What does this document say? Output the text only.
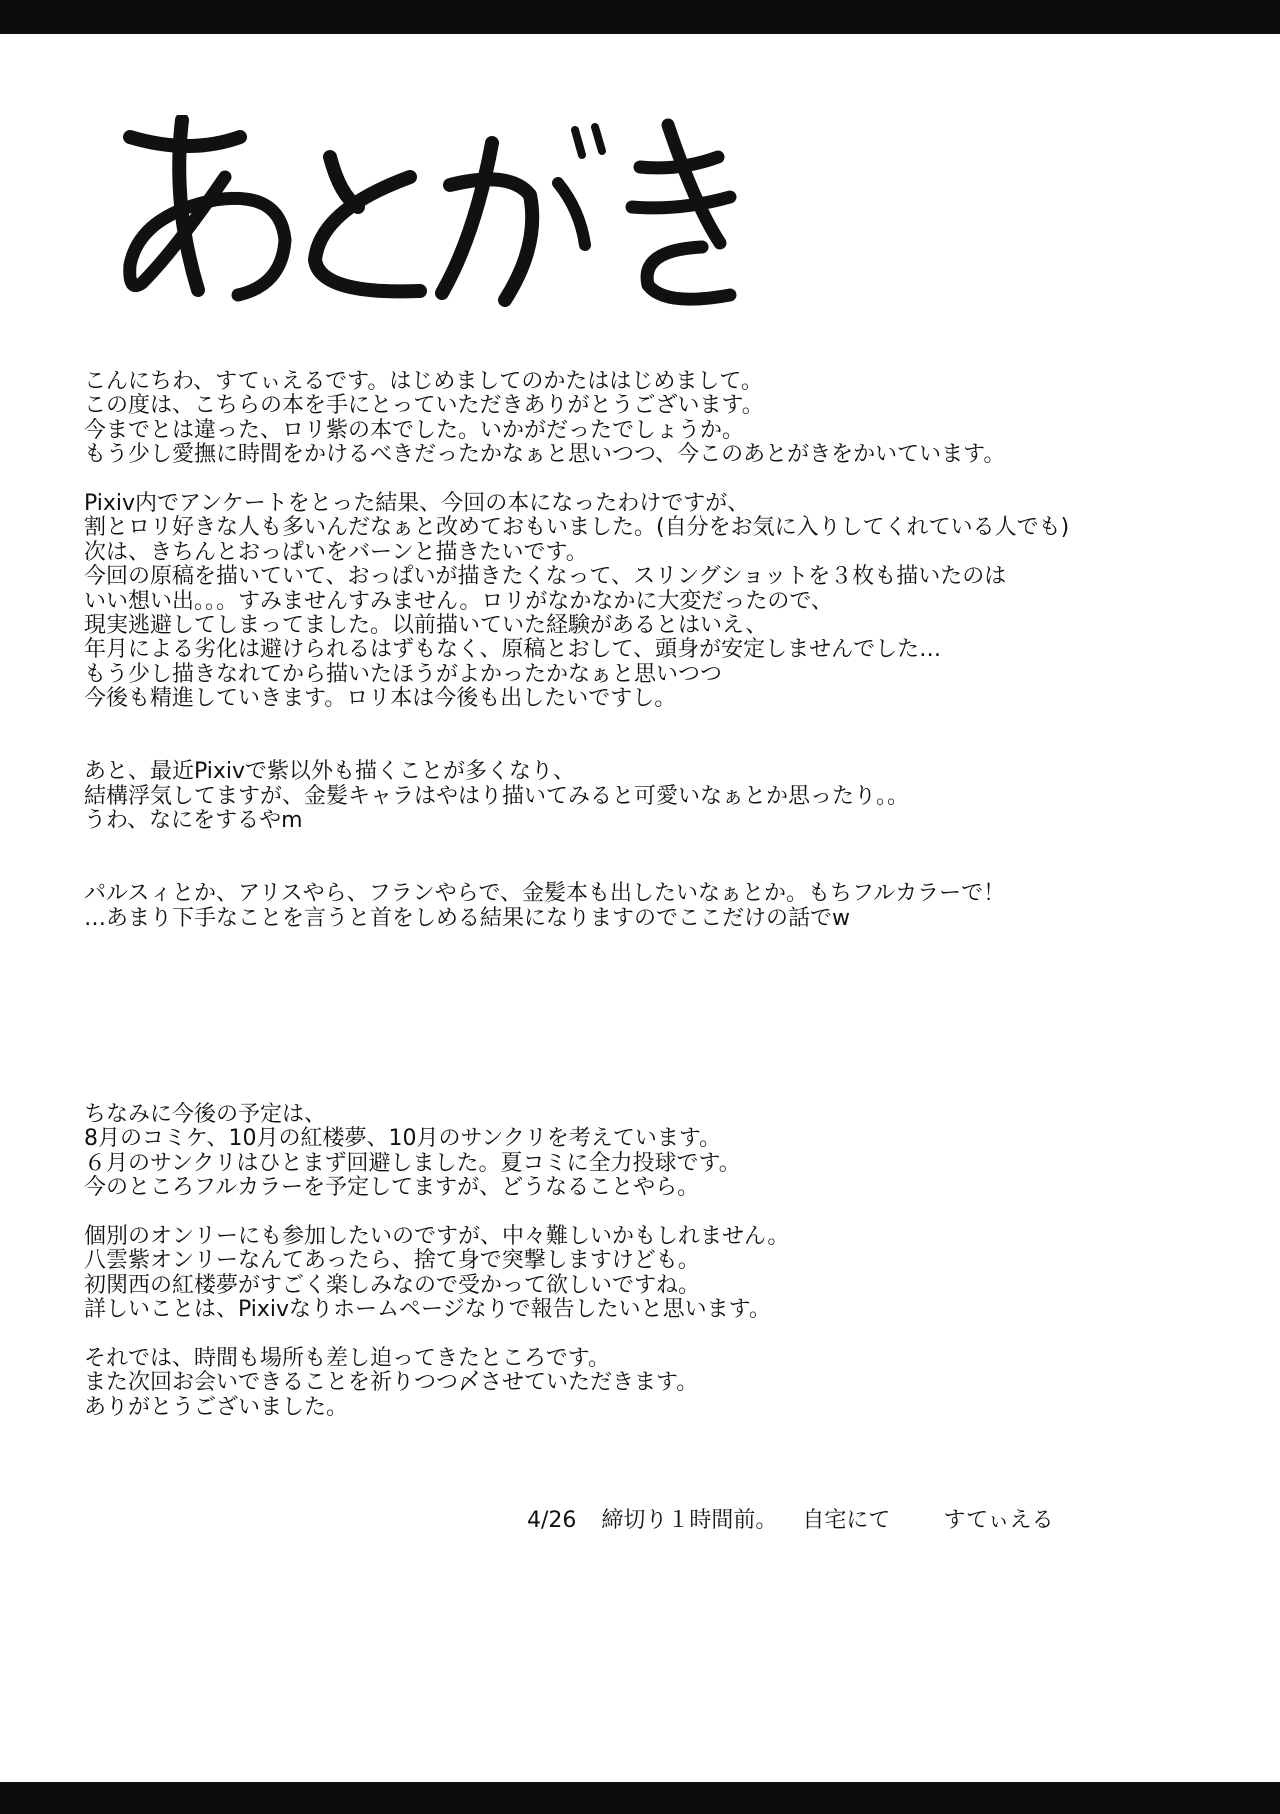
こんにちわ、すてぃえるです。はじめましてのかたははじめまして。
この度は、こちらの本を手にとっていただきありがとうございます。
今までとは違った、ロリ紫の本でした。いかがだったでしょうか。
もう少し愛撫に時間をかけるべきだったかなぁと思いつつ、今このあとがきをかいています。
Pixiv内でアンケートをとった結果、今回の本になったわけですが、
割とロリ好きな人も多いんだなぁと改めておもいました。(自分をお気に入りしてくれている人でも)
次は、きちんとおっぱいをバーンと描きたいです。
今回の原稿を描いていて、おっぱいが描きたくなって、スリングショットを３枚も描いたのは
いい想い出。。。すみませんすみません。ロリがなかなかに大変だったので、
現実逃避してしまってました。以前描いていた経験があるとはいえ、
年月による劣化は避けられるはずもなく、原稿とおして、頭身が安定しませんでした…
もう少し描きなれてから描いたほうがよかったかなぁと思いつつ
今後も精進していきます。ロリ本は今後も出したいですし。
あと、最近Pixivで紫以外も描くことが多くなり、
結構浮気してますが、金髪キャラはやはり描いてみると可愛いなぁとか思ったり。。
うわ、なにをするやm
パルスィとか、アリスやら、フランやらで、金髪本も出したいなぁとか。もちフルカラーで！
…あまり下手なことを言うと首をしめる結果になりますのでここだけの話でw
ちなみに今後の予定は、
8月のコミケ、10月の紅楼夢、10月のサンクリを考えています。
６月のサンクリはひとまず回避しました。夏コミに全力投球です。
今のところフルカラーを予定してますが、どうなることやら。
個別のオンリーにも参加したいのですが、中々難しいかもしれません。
八雲紫オンリーなんてあったら、捨て身で突撃しますけども。
初関西の紅楼夢がすごく楽しみなので受かって欲しいですね。
詳しいことは、Pixivなりホームページなりで報告したいと思います。
それでは、時間も場所も差し迫ってきたところです。
また次回お会いできることを祈りつつ〆させていただきます。
ありがとうございました。
4/26 締切り１時間前。 自宅にて すてぃえる
